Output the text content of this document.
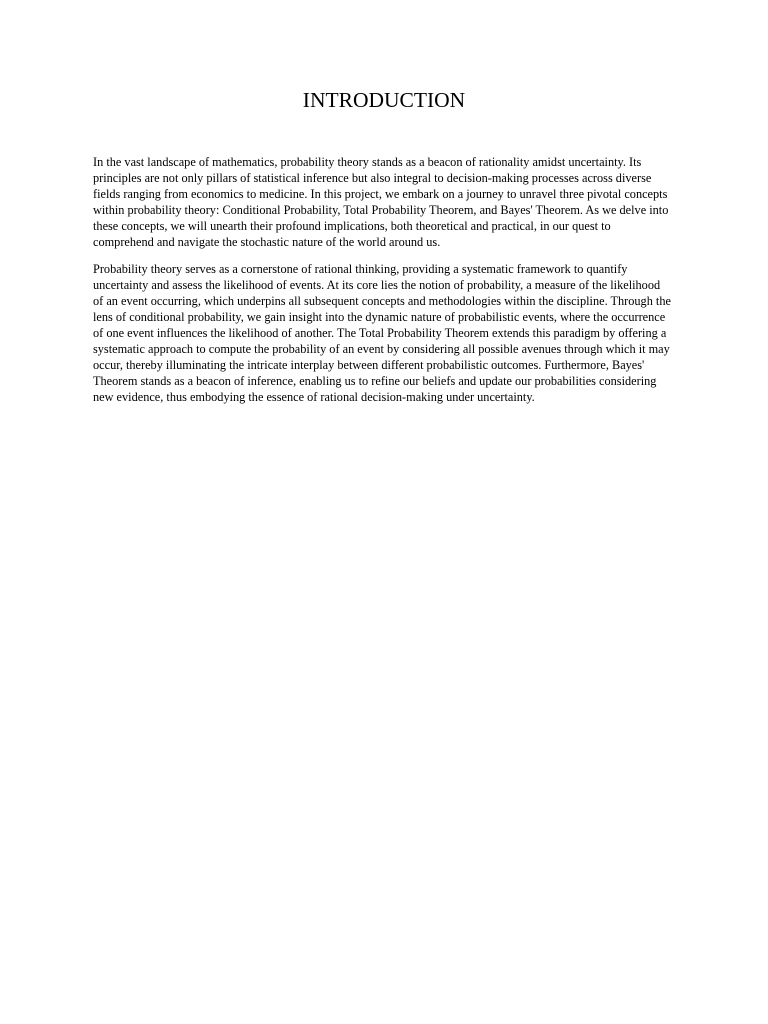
INTRODUCTION

In the vast landscape of mathematics, probability theory stands as a beacon of rationality amidst uncertainty. Its principles are not only pillars of statistical inference but also integral to decision-making processes across diverse fields ranging from economics to medicine. In this project, we embark on a journey to unravel three pivotal concepts within probability theory: Conditional Probability, Total Probability Theorem, and Bayes' Theorem. As we delve into these concepts, we will unearth their profound implications, both theoretical and practical, in our quest to comprehend and navigate the stochastic nature of the world around us.

Probability theory serves as a cornerstone of rational thinking, providing a systematic framework to quantify uncertainty and assess the likelihood of events. At its core lies the notion of probability, a measure of the likelihood of an event occurring, which underpins all subsequent concepts and methodologies within the discipline. Through the lens of conditional probability, we gain insight into the dynamic nature of probabilistic events, where the occurrence of one event influences the likelihood of another. The Total Probability Theorem extends this paradigm by offering a systematic approach to compute the probability of an event by considering all possible avenues through which it may occur, thereby illuminating the intricate interplay between different probabilistic outcomes. Furthermore, Bayes' Theorem stands as a beacon of inference, enabling us to refine our beliefs and update our probabilities considering new evidence, thus embodying the essence of rational decision-making under uncertainty.
